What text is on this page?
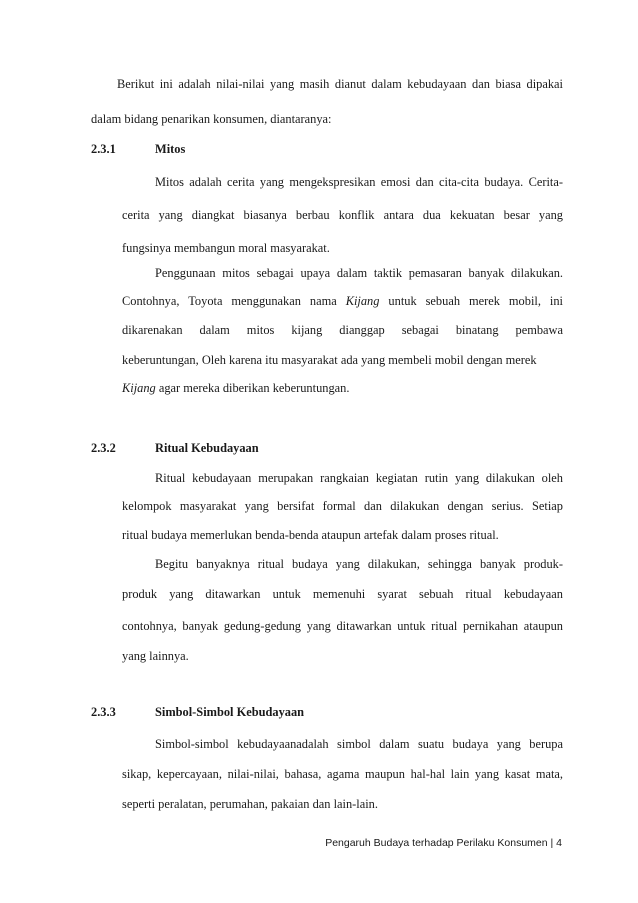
Berikut ini adalah nilai-nilai yang masih dianut dalam kebudayaan dan biasa dipakai
dalam bidang penarikan konsumen, diantaranya:
2.3.1	Mitos
Mitos adalah cerita yang mengekspresikan emosi dan cita-cita budaya. Cerita-
cerita yang diangkat biasanya berbau konflik antara dua kekuatan besar yang
fungsinya membangun moral masyarakat.
Penggunaan mitos sebagai upaya dalam taktik pemasaran banyak dilakukan.
Contohnya, Toyota menggunakan nama Kijang untuk sebuah merek mobil, ini
dikarenakan dalam mitos kijang dianggap sebagai binatang pembawa
keberuntungan, Oleh karena itu masyarakat ada yang membeli mobil dengan merek
Kijang agar mereka diberikan keberuntungan.
2.3.2	Ritual Kebudayaan
Ritual kebudayaan merupakan rangkaian kegiatan rutin yang dilakukan oleh
kelompok masyarakat yang bersifat formal dan dilakukan dengan serius. Setiap
ritual budaya memerlukan benda-benda ataupun artefak dalam proses ritual.
Begitu banyaknya ritual budaya yang dilakukan, sehingga banyak produk-
produk yang ditawarkan untuk memenuhi syarat sebuah ritual kebudayaan
contohnya, banyak gedung-gedung yang ditawarkan untuk ritual pernikahan ataupun
yang lainnya.
2.3.3	Simbol-Simbol Kebudayaan
Simbol-simbol kebudayaanadalah simbol dalam suatu budaya yang berupa
Pengaruh Budaya terhadap Perilaku Konsumen | 4
sikap, kepercayaan, nilai-nilai, bahasa, agama maupun hal-hal lain yang kasat mata,
seperti peralatan, perumahan, pakaian dan lain-lain.
